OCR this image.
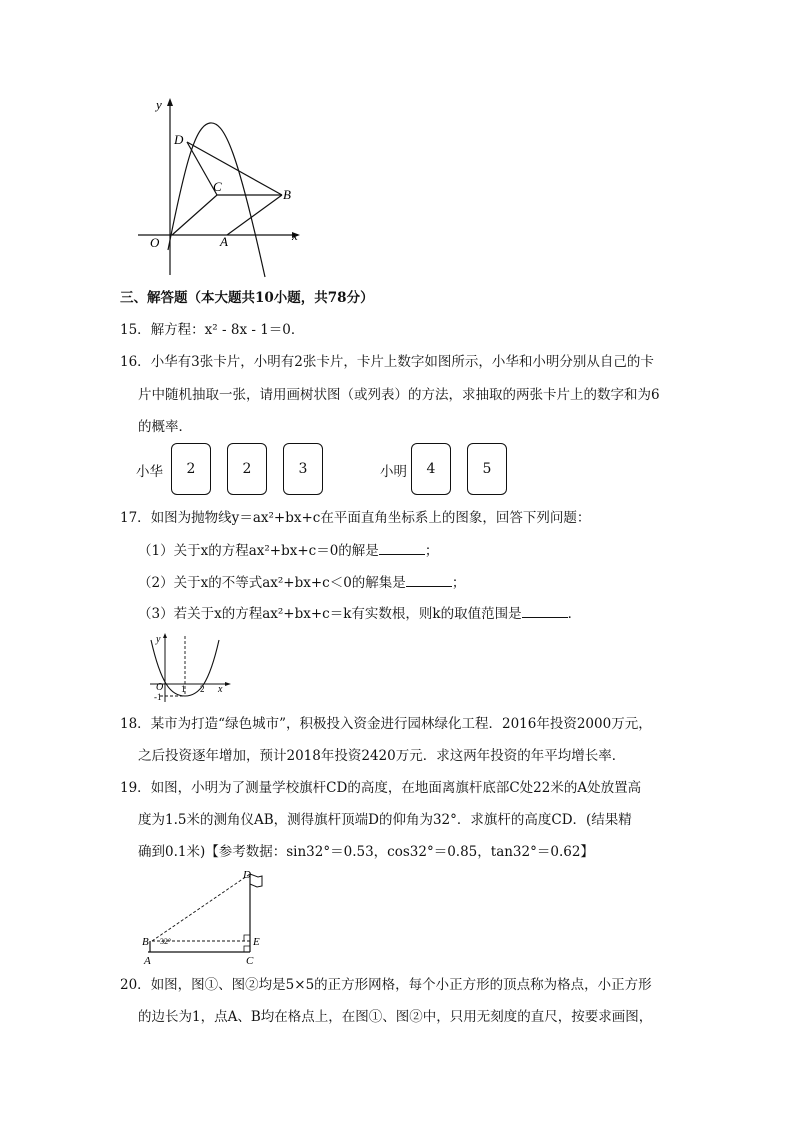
y
x
O	A
B
C
D
三、解答题（本大题共10小题，共78分）
15．解方程：x² - 8x - 1＝0．
16．小华有3张卡片，小明有2张卡片，卡片上数字如图所示，小华和小明分别从自己的卡
片中随机抽取一张，请用画树状图（或列表）的方法，求抽取的两张卡片上的数字和为6
的概率．
小华	2	2	3	小明	4	5
17．如图为抛物线y＝ax²+bx+c在平面直角坐标系上的图象，回答下列问题：
（1）关于x的方程ax²+bx+c＝0的解是	；
（2）关于x的不等式ax²+bx+c＜0的解集是	；
（3）若关于x的方程ax²+bx+c＝k有实数根，则k的取值范围是	．
y
x
O 1 2
-1
18．某市为打造“绿色城市”，积极投入资金进行园林绿化工程．2016年投资2000万元，
之后投资逐年增加，预计2018年投资2420万元．求这两年投资的年平均增长率．
19．如图，小明为了测量学校旗杆CD的高度，在地面离旗杆底部C处22米的A处放置高
度为1.5米的测角仪AB，测得旗杆顶端D的仰角为32°．求旗杆的高度CD．(结果精
确到0.1米)【参考数据：sin32°＝0.53，cos32°＝0.85，tan32°＝0.62】
D
B	E
A	C
32°
20．如图，图①、图②均是5×5的正方形网格，每个小正方形的顶点称为格点，小正方形
的边长为1，点A、B均在格点上，在图①、图②中，只用无刻度的直尺，按要求画图，
